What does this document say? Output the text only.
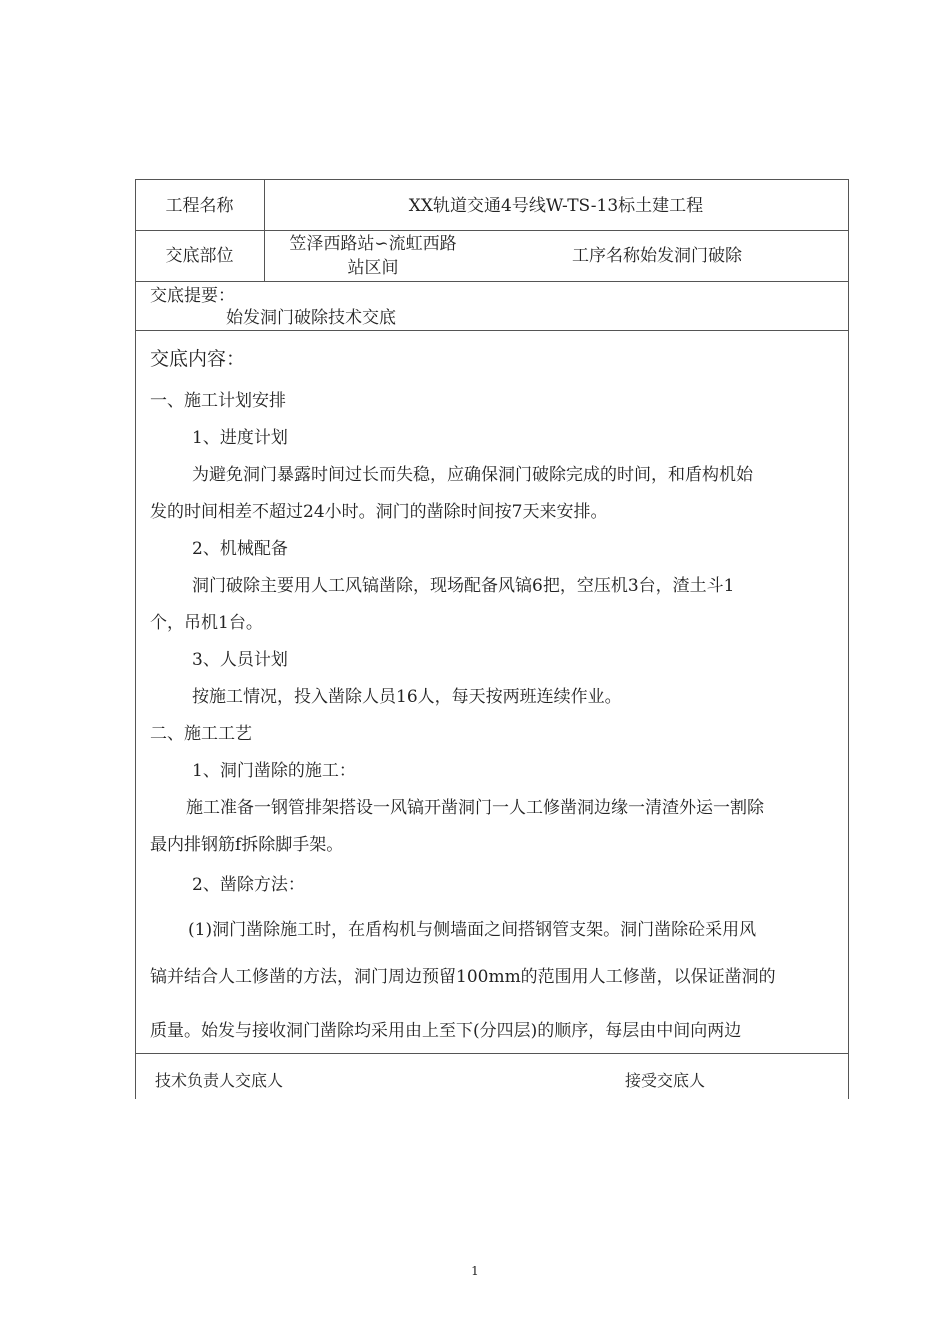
工程名称	XX轨道交通4号线W-TS-13标土建工程
交底部位
笠泽西路站∽流虹西路
站区间
工序名称始发洞门破除
交底提要：
始发洞门破除技术交底
交底内容：
一、施工计划安排
1、进度计划
为避免洞门暴露时间过长而失稳，应确保洞门破除完成的时间，和盾构机始
发的时间相差不超过24小时。洞门的凿除时间按7天来安排。
2、机械配备
洞门破除主要用人工风镐凿除，现场配备风镐6把，空压机3台，渣土斗1
个，吊机1台。
3、人员计划
按施工情况，投入凿除人员16人，每天按两班连续作业。
二、施工工艺
1、洞门凿除的施工：
施工准备一钢管排架搭设一风镐开凿洞门一人工修凿洞边缘一清渣外运一割除
最内排钢筋f拆除脚手架。
2、凿除方法：
(1)洞门凿除施工时，在盾构机与侧墙面之间搭钢管支架。洞门凿除砼采用风
镐并结合人工修凿的方法，洞门周边预留100mm的范围用人工修凿，以保证凿洞的
质量。始发与接收洞门凿除均采用由上至下(分四层)的顺序，每层由中间向两边
技术负责人交底人	接受交底人
1
